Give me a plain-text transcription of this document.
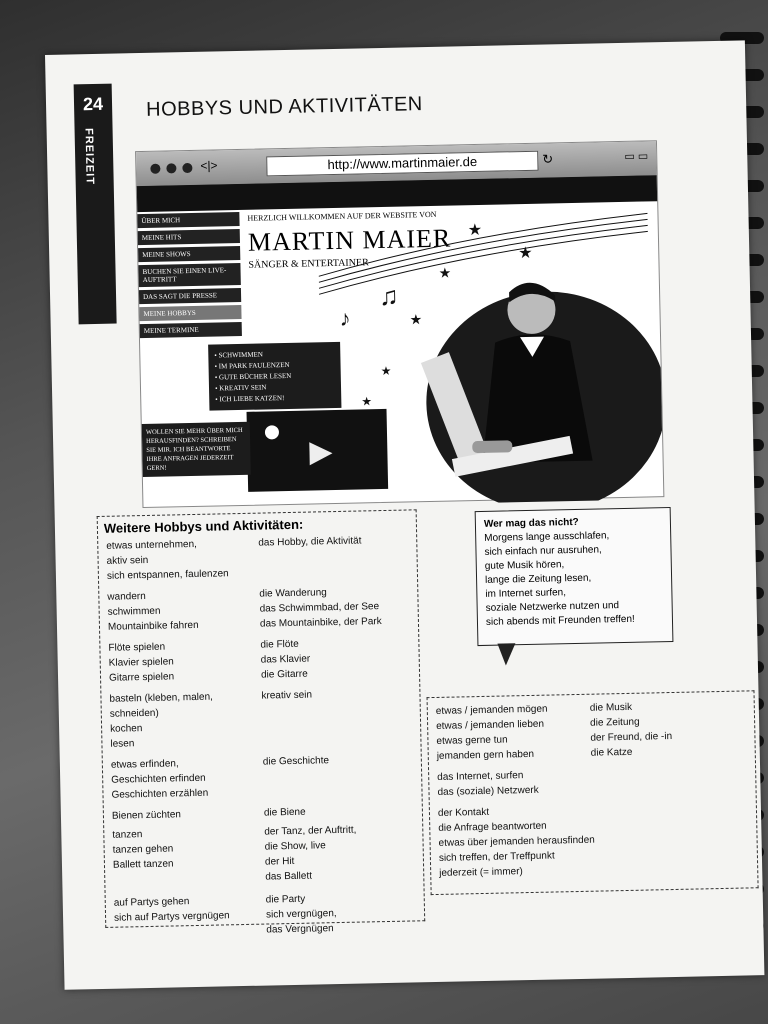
24
FREIZEIT
HOBBYS UND AKTIVITÄTEN
<|>	http://www.martinmaier.de	↻	▭ ▭
ÜBER MICH
MEINE HITS
MEINE SHOWS
BUCHEN SIE EINEN LIVE-AUFTRITT
DAS SAGT DIE PRESSE
MEINE HOBBYS
MEINE TERMINE
HERZLICH WILLKOMMEN AUF DER WEBSITE VON
MARTIN MAIER
SÄNGER & ENTERTAINER
♫
♪
★
★
★
★
★
★
• SCHWIMMEN
• IM PARK FAULENZEN
• GUTE BÜCHER LESEN
• KREATIV SEIN
• ICH LIEBE KATZEN!
▶
WOLLEN SIE MEHR ÜBER MICH HERAUSFINDEN? SCHREIBEN SIE MIR. ICH BEANTWORTE IHRE ANFRAGEN JEDERZEIT GERN!
Weitere Hobbys und Aktivitäten:
etwas unternehmen,	das Hobby, die Aktivität
aktiv sein
sich entspannen, faulenzen
wandern	die Wanderung
schwimmen	das Schwimmbad, der See
Mountainbike fahren	das Mountainbike, der Park
Flöte spielen	die Flöte
Klavier spielen	das Klavier
Gitarre spielen	die Gitarre
basteln (kleben, malen,	kreativ sein
schneiden)
kochen
lesen
etwas erfinden,	die Geschichte
Geschichten erfinden
Geschichten erzählen
Bienen züchten	die Biene
tanzen	der Tanz, der Auftritt,
tanzen gehen	die Show, live
Ballett tanzen	der Hit
das Ballett
auf Partys gehen	die Party
sich auf Partys vergnügen	sich vergnügen,
das Vergnügen
Wer mag das nicht?
Morgens lange ausschlafen,
sich einfach nur ausruhen,
gute Musik hören,
lange die Zeitung lesen,
im Internet surfen,
soziale Netzwerke nutzen und
sich abends mit Freunden treffen!
etwas / jemanden mögen	die Musik
etwas / jemanden lieben	die Zeitung
etwas gerne tun	der Freund, die -in
jemanden gern haben	die Katze
das Internet, surfen
das (soziale) Netzwerk
der Kontakt
die Anfrage beantworten
etwas über jemanden herausfinden
sich treffen, der Treffpunkt
jederzeit (= immer)
